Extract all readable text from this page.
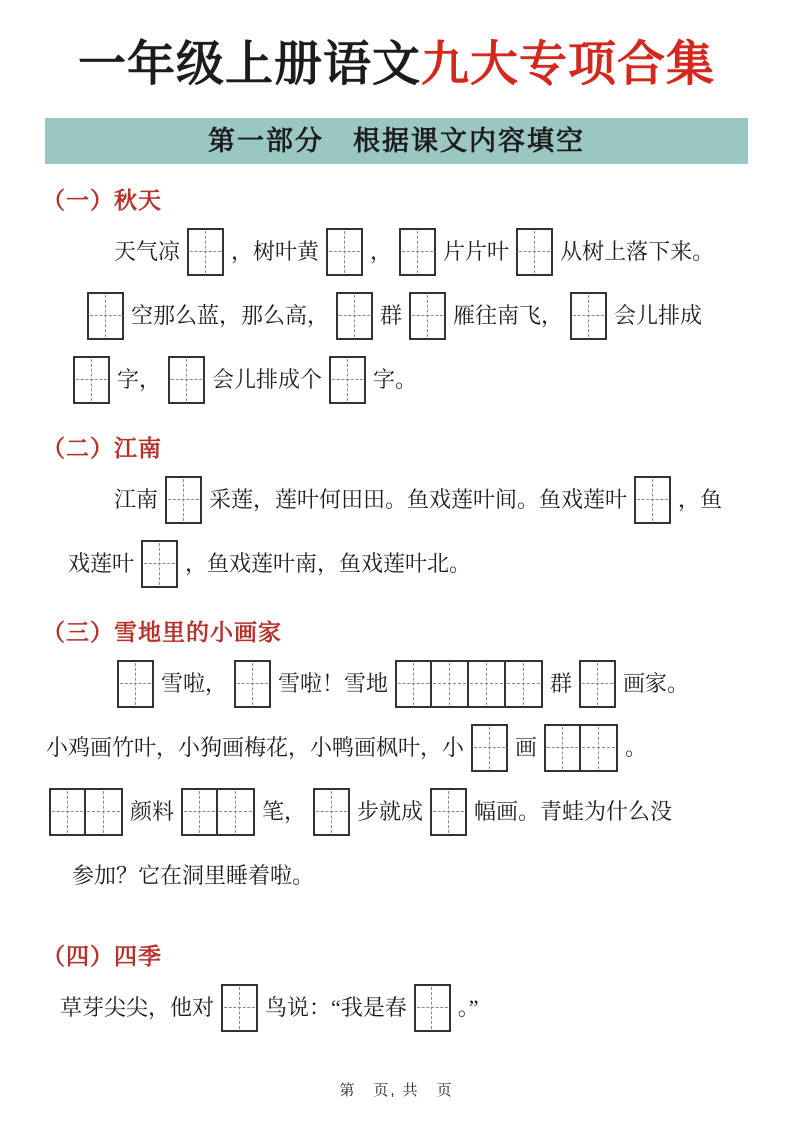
一年级上册语文九大专项合集
第一部分　根据课文内容填空
（一）秋天
天气凉 ，树叶黄 ， 片片叶 从树上落下来。
空那么蓝，那么高， 群 雁往南飞， 会儿排成
字， 会儿排成个 字。
（二）江南
江南 采莲，莲叶何田田。鱼戏莲叶间。鱼戏莲叶 ，鱼
戏莲叶 ，鱼戏莲叶南，鱼戏莲叶北。
（三）雪地里的小画家
雪啦， 雪啦！雪地	群 画家。
小鸡画竹叶，小狗画梅花，小鸭画枫叶，小 画	。
颜料	笔， 步就成 幅画。青蛙为什么没
参加？它在洞里睡着啦。
（四）四季
草芽尖尖，他对 鸟说：“我是春 。”
第　页, 共　页
